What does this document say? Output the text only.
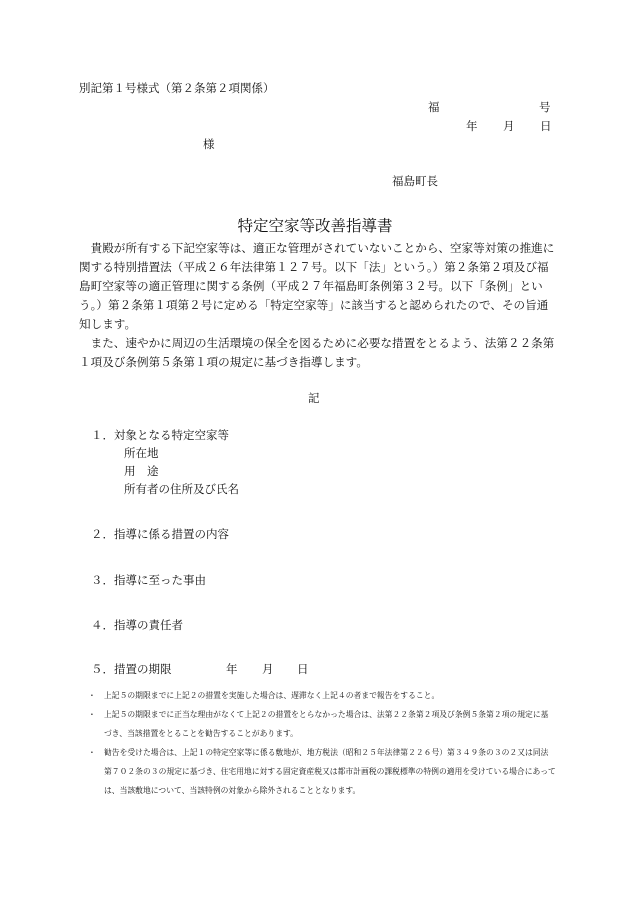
別記第１号様式（第２条第２項関係）
福	号
年 月 日
様
福島町長
特定空家等改善指導書

貴殿が所有する下記空家等は、適正な管理がされていないことから、空家等対策の推進に関する特別措置法（平成２６年法律第１２７号。以下「法」という。）第２条第２項及び福島町空家等の適正管理に関する条例（平成２７年福島町条例第３２号。以下「条例」という。）第２条第１項第２号に定める「特定空家等」に該当すると認められたので、その旨通知します。

また、速やかに周辺の生活環境の保全を図るために必要な措置をとるよう、法第２２条第１項及び条例第５条第１項の規定に基づき指導します。

記
１．対象となる特定空家等
所在地
用　途
所有者の住所及び氏名
２．指導に係る措置の内容
３．指導に至った事由
４．指導の責任者
５．措置の期限	年 月 日
・ 上記５の期限までに上記２の措置を実施した場合は、遅滞なく上記４の者まで報告をすること。
・ 上記５の期限までに正当な理由がなくて上記２の措置をとらなかった場合は、法第２２条第２項及び条例５条第２項の規定に基づき、当該措置をとることを勧告することがあります。
・ 勧告を受けた場合は、上記１の特定空家等に係る敷地が、地方税法（昭和２５年法律第２２６号）第３４９条の３の２又は同法第７０２条の３の規定に基づき、住宅用地に対する固定資産税又は都市計画税の課税標準の特例の適用を受けている場合にあっては、当該敷地について、当該特例の対象から除外されることとなります。
